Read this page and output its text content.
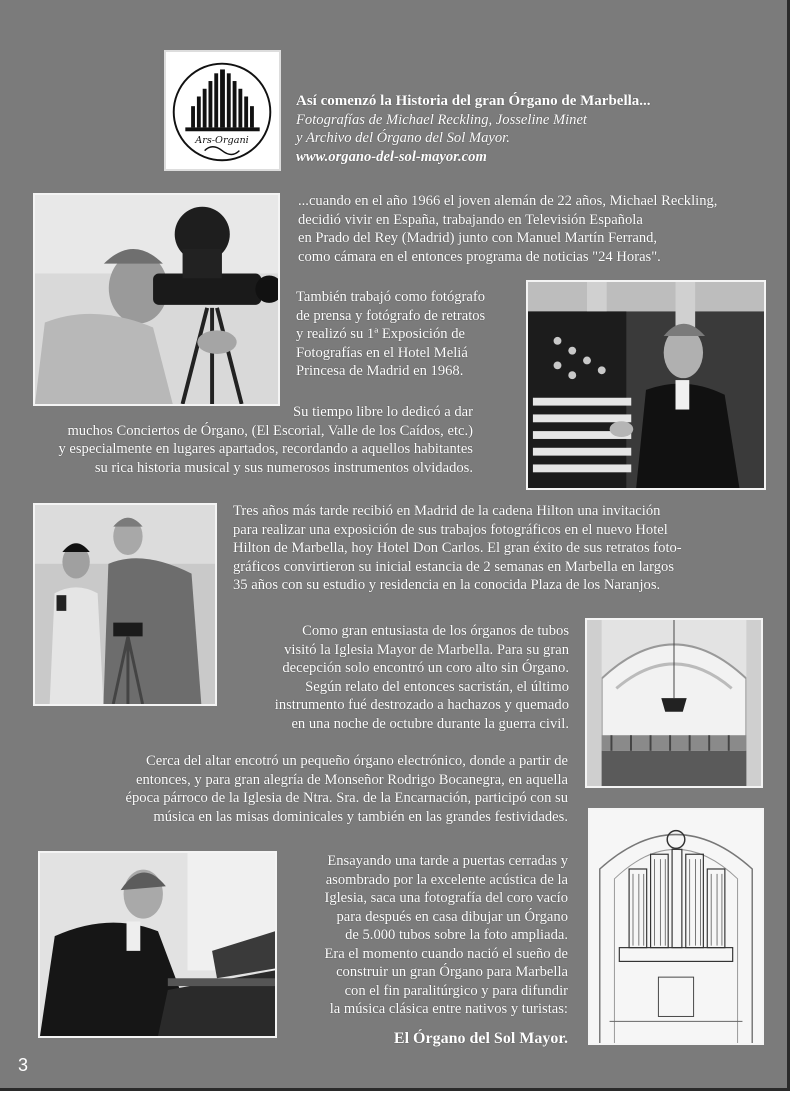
Ars-Organi
Así comenzó la Historia del gran Órgano de Marbella...
Fotografías de Michael Reckling, Josseline Minet
y Archivo del Órgano del Sol Mayor.
www.organo-del-sol-mayor.com
...cuando en el año 1966 el joven alemán de 22 años, Michael Reckling,
decidió vivir en España, trabajando en Televisión Española
en Prado del Rey (Madrid) junto con Manuel Martín Ferrand,
como cámara en el entonces programa de noticias "24 Horas".
También trabajó como fotógrafo
de prensa y fotógrafo de retratos
y realizó su 1ª Exposición de
Fotografías en el Hotel Meliá
Princesa de Madrid en 1968.
Su tiempo libre lo dedicó a dar
muchos Conciertos de Órgano, (El Escorial, Valle de los Caídos, etc.)
y especialmente en lugares apartados, recordando a aquellos habitantes
su rica historia musical y sus numerosos instrumentos olvidados.
Tres años más tarde recibió en Madrid de la cadena Hilton una invitación
para realizar una exposición de sus trabajos fotográficos en el nuevo Hotel
Hilton de Marbella, hoy Hotel Don Carlos. El gran éxito de sus retratos foto-
gráficos convirtieron su inicial estancia de 2 semanas en Marbella en largos
35 años con su estudio y residencia en la conocida Plaza de los Naranjos.
Como gran entusiasta de los órganos de tubos
visitó la Iglesia Mayor de Marbella. Para su gran
decepción solo encontró un coro alto sin Órgano.
Según relato del entonces sacristán, el último
instrumento fué destrozado a hachazos y quemado
en una noche de octubre durante la guerra civil.
Cerca del altar encotró un pequeño órgano electrónico, donde a partir de
entonces, y para gran alegría de Monseñor Rodrigo Bocanegra, en aquella
época párroco de la Iglesia de Ntra. Sra. de la Encarnación, participó con su
música en las misas dominicales y también en las grandes festividades.
Ensayando una tarde a puertas cerradas y
asombrado por la excelente acústica de la
Iglesia, saca una fotografía del coro vacío
para después en casa dibujar un Órgano
de 5.000 tubos sobre la foto ampliada.
Era el momento cuando nació el sueño de
construir un gran Órgano para Marbella
con el fin paralitúrgico y para difundir
la música clásica entre nativos y turistas:
El Órgano del Sol Mayor.
3
